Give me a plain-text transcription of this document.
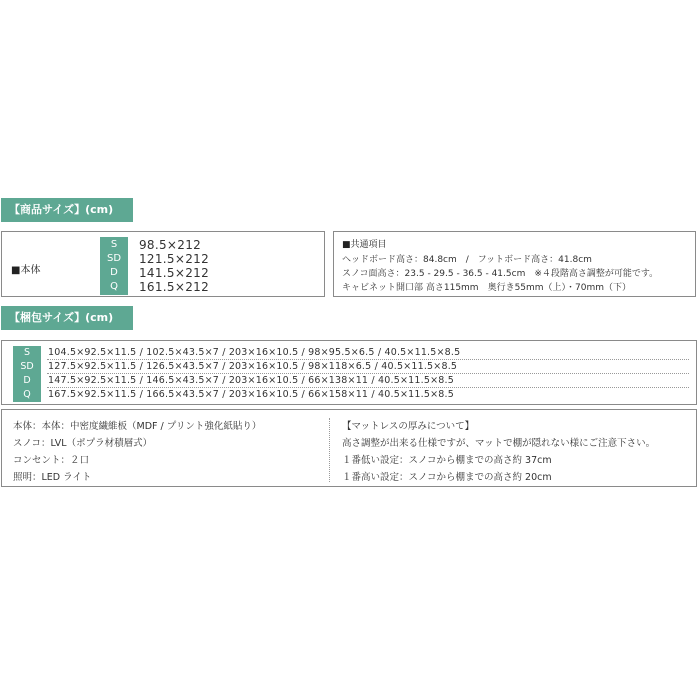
【商品サイズ】(cm)
■本体
S	98.5×212
SD	121.5×212
D	141.5×212
Q	161.5×212
■共通項目
ヘッドボード高さ：84.8cm　/　フットボード高さ：41.8cm
スノコ面高さ：23.5 - 29.5 - 36.5 - 41.5cm　※４段階高さ調整が可能です。
キャビネット開口部 高さ115mm　奥行き55mm（上）・70mm（下）
【梱包サイズ】(cm)
S	104.5×92.5×11.5 / 102.5×43.5×7 / 203×16×10.5 / 98×95.5×6.5 / 40.5×11.5×8.5
SD	127.5×92.5×11.5 / 126.5×43.5×7 / 203×16×10.5 / 98×118×6.5 / 40.5×11.5×8.5
D	147.5×92.5×11.5 / 146.5×43.5×7 / 203×16×10.5 / 66×138×11 / 40.5×11.5×8.5
Q	167.5×92.5×11.5 / 166.5×43.5×7 / 203×16×10.5 / 66×158×11 / 40.5×11.5×8.5
本体：本体：中密度繊維板（MDF / プリント強化紙貼り）
スノコ：LVL（ポプラ材積層式）
コンセント：２口
照明：LED ライト
【マットレスの厚みについて】
高さ調整が出来る仕様ですが、マットで棚が隠れない様にご注意下さい。
１番低い設定：スノコから棚までの高さ約 37cm
１番高い設定：スノコから棚までの高さ約 20cm
